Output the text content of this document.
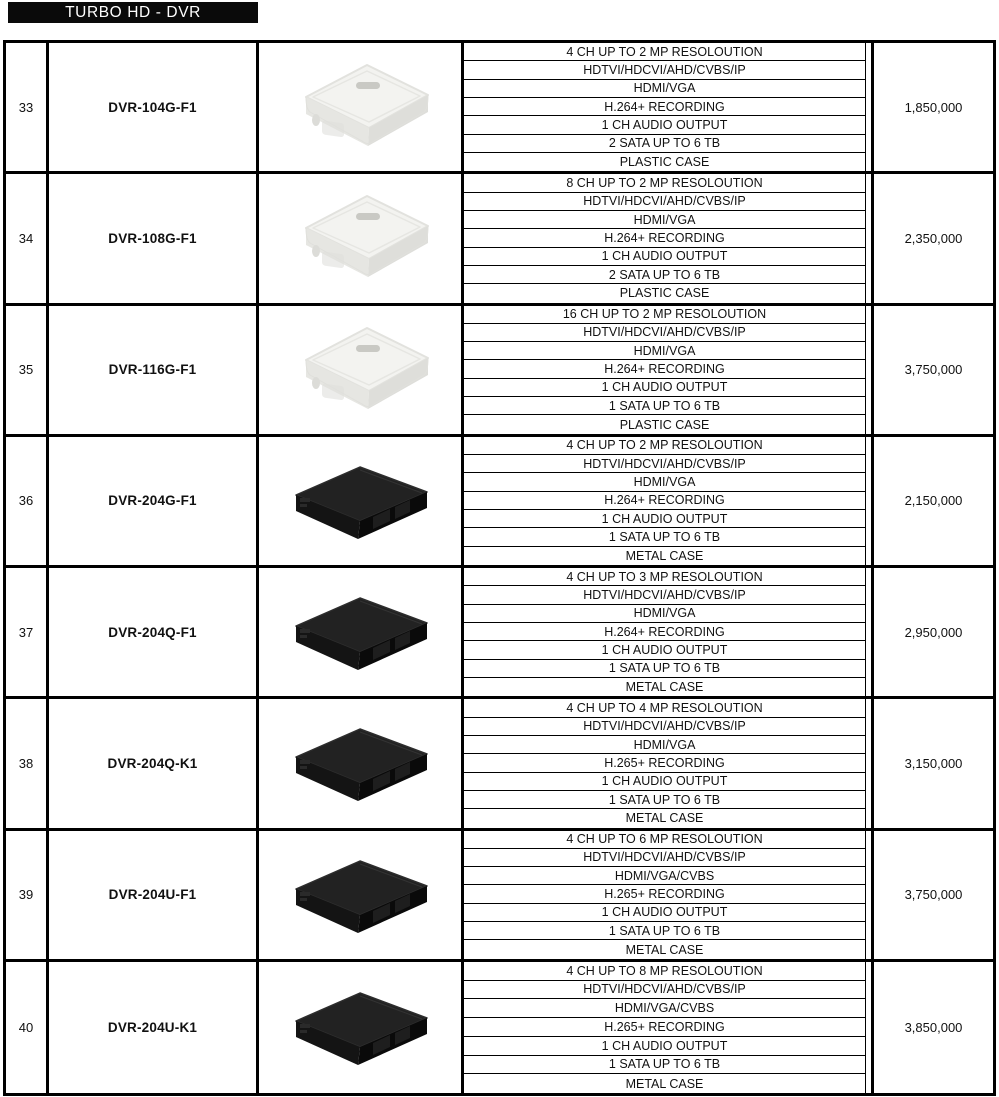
TURBO HD - DVR
33	DVR-104G-F1
4 CH UP TO 2 MP RESOLOUTION
HDTVI/HDCVI/AHD/CVBS/IP
HDMI/VGA
H.264+ RECORDING
1 CH AUDIO OUTPUT
2 SATA UP TO 6 TB
PLASTIC CASE
1,850,000
34	DVR-108G-F1
8 CH UP TO 2 MP RESOLOUTION
HDTVI/HDCVI/AHD/CVBS/IP
HDMI/VGA
H.264+ RECORDING
1 CH AUDIO OUTPUT
2 SATA UP TO 6 TB
PLASTIC CASE
2,350,000
35	DVR-116G-F1
16 CH UP TO 2 MP RESOLOUTION
HDTVI/HDCVI/AHD/CVBS/IP
HDMI/VGA
H.264+ RECORDING
1 CH AUDIO OUTPUT
1 SATA UP TO 6 TB
PLASTIC CASE
3,750,000
36	DVR-204G-F1
4 CH UP TO 2 MP RESOLOUTION
HDTVI/HDCVI/AHD/CVBS/IP
HDMI/VGA
H.264+ RECORDING
1 CH AUDIO OUTPUT
1 SATA UP TO 6 TB
METAL CASE
2,150,000
37	DVR-204Q-F1
4 CH UP TO 3 MP RESOLOUTION
HDTVI/HDCVI/AHD/CVBS/IP
HDMI/VGA
H.264+ RECORDING
1 CH AUDIO OUTPUT
1 SATA UP TO 6 TB
METAL CASE
2,950,000
38	DVR-204Q-K1
4 CH UP TO 4 MP RESOLOUTION
HDTVI/HDCVI/AHD/CVBS/IP
HDMI/VGA
H.265+ RECORDING
1 CH AUDIO OUTPUT
1 SATA UP TO 6 TB
METAL CASE
3,150,000
39	DVR-204U-F1
4 CH UP TO 6 MP RESOLOUTION
HDTVI/HDCVI/AHD/CVBS/IP
HDMI/VGA/CVBS
H.265+ RECORDING
1 CH AUDIO OUTPUT
1 SATA UP TO 6 TB
METAL CASE
3,750,000
40	DVR-204U-K1
4 CH UP TO 8 MP RESOLOUTION
HDTVI/HDCVI/AHD/CVBS/IP
HDMI/VGA/CVBS
H.265+ RECORDING
1 CH AUDIO OUTPUT
1 SATA UP TO 6 TB
METAL CASE
3,850,000
